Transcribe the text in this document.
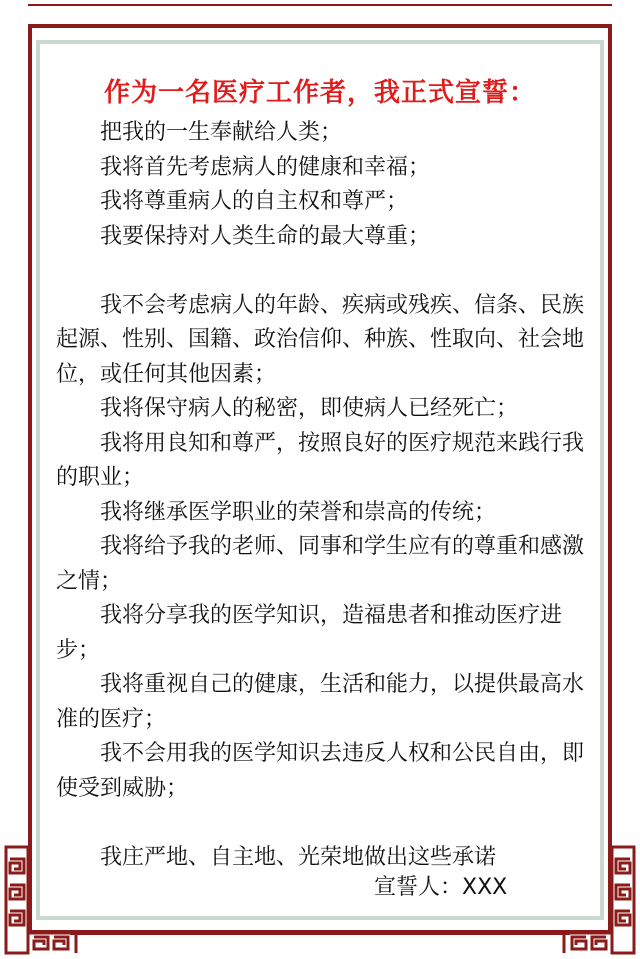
作为一名医疗工作者，我正式宣誓：

把我的一生奉献给人类；

我将首先考虑病人的健康和幸福；

我将尊重病人的自主权和尊严；

我要保持对人类生命的最大尊重；

我不会考虑病人的年龄、疾病或残疾、信条、民族起源、性别、国籍、政治信仰、种族、性取向、社会地位，或任何其他因素；

我将保守病人的秘密，即使病人已经死亡；

我将用良知和尊严，按照良好的医疗规范来践行我的职业；

我将继承医学职业的荣誉和崇高的传统；

我将给予我的老师、同事和学生应有的尊重和感激之情；

我将分享我的医学知识，造福患者和推动医疗进步；

我将重视自己的健康，生活和能力，以提供最高水准的医疗；

我不会用我的医学知识去违反人权和公民自由，即使受到威胁；

我庄严地、自主地、光荣地做出这些承诺

宣誓人：XXX
